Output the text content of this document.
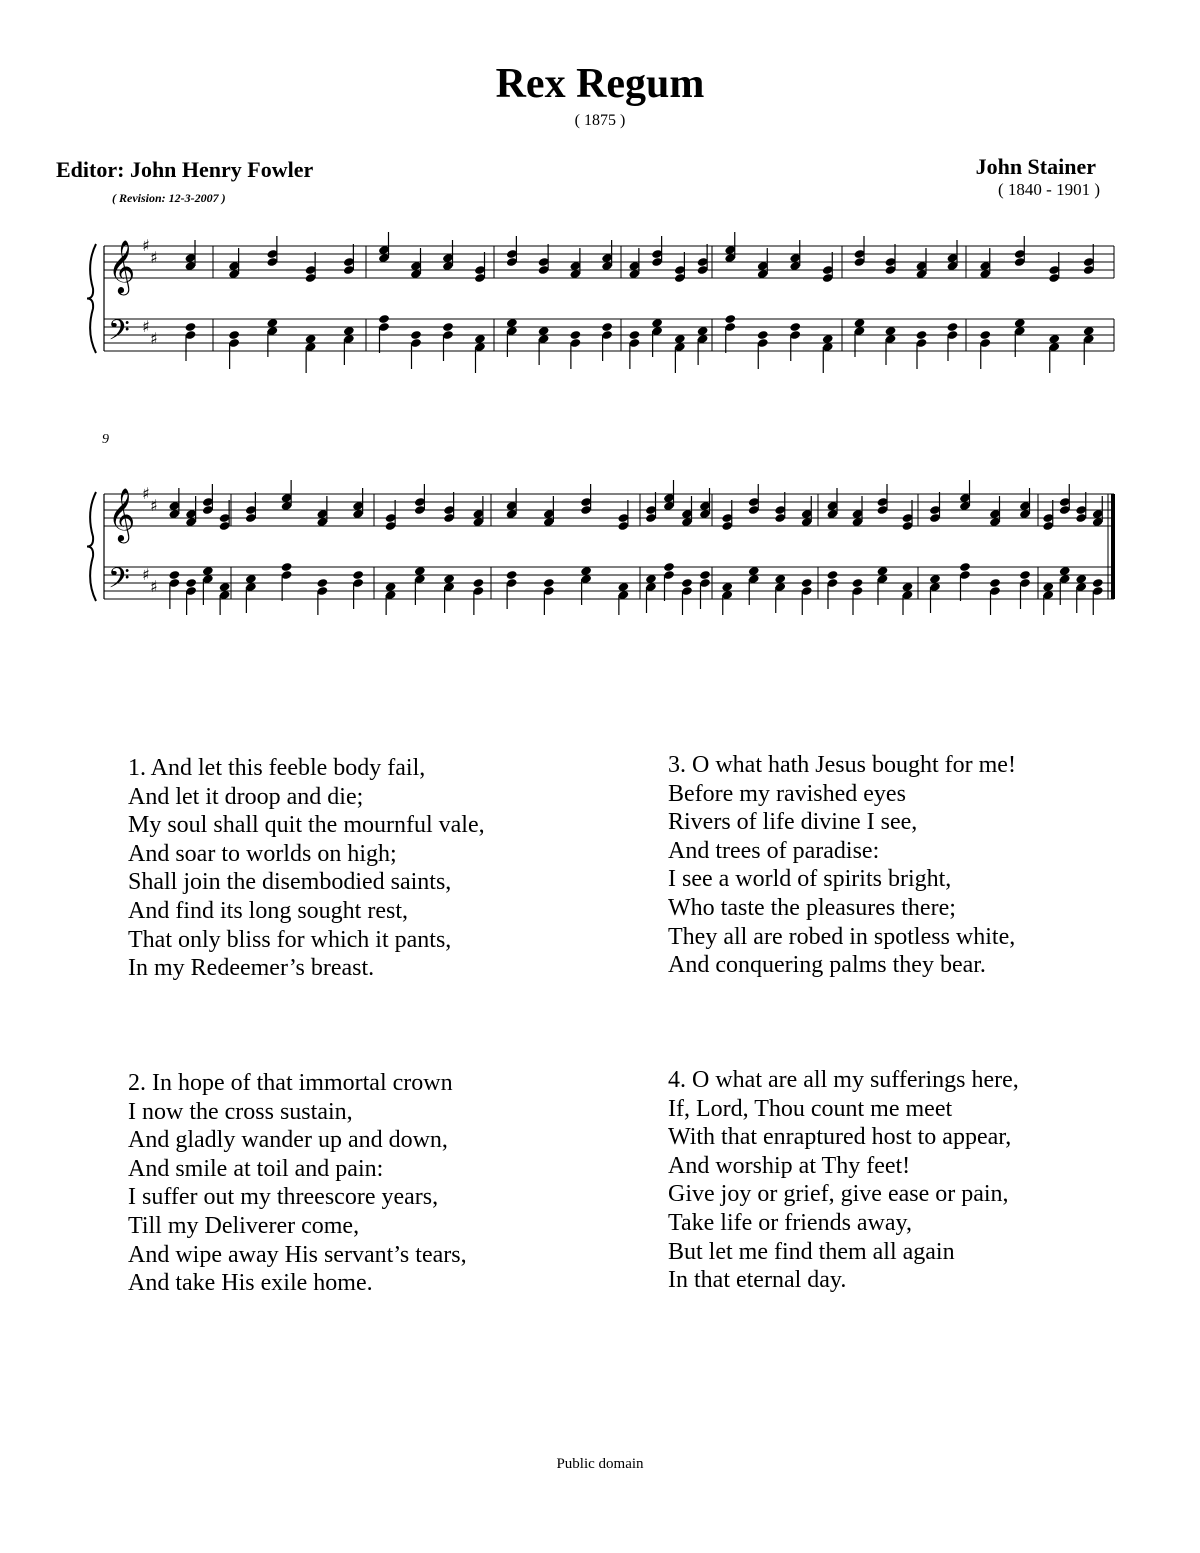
Rex Regum
( 1875 )
Editor: John Henry Fowler
( Revision: 12-3-2007 )
John Stainer
( 1840 - 1901 )
𝄞
𝄢
♯
♯
♯
♯
𝄞
𝄢
♯
♯
♯
♯
9
1. And let this feeble body fail,
And let it droop and die;
My soul shall quit the mournful vale,
And soar to worlds on high;
Shall join the disembodied saints,
And find its long sought rest,
That only bliss for which it pants,
In my Redeemer’s breast.
2. In hope of that immortal crown
I now the cross sustain,
And gladly wander up and down,
And smile at toil and pain:
I suffer out my threescore years,
Till my Deliverer come,
And wipe away His servant’s tears,
And take His exile home.
3. O what hath Jesus bought for me!
Before my ravished eyes
Rivers of life divine I see,
And trees of paradise:
I see a world of spirits bright,
Who taste the pleasures there;
They all are robed in spotless white,
And conquering palms they bear.
4. O what are all my sufferings here,
If, Lord, Thou count me meet
With that enraptured host to appear,
And worship at Thy feet!
Give joy or grief, give ease or pain,
Take life or friends away,
But let me find them all again
In that eternal day.
Public domain
